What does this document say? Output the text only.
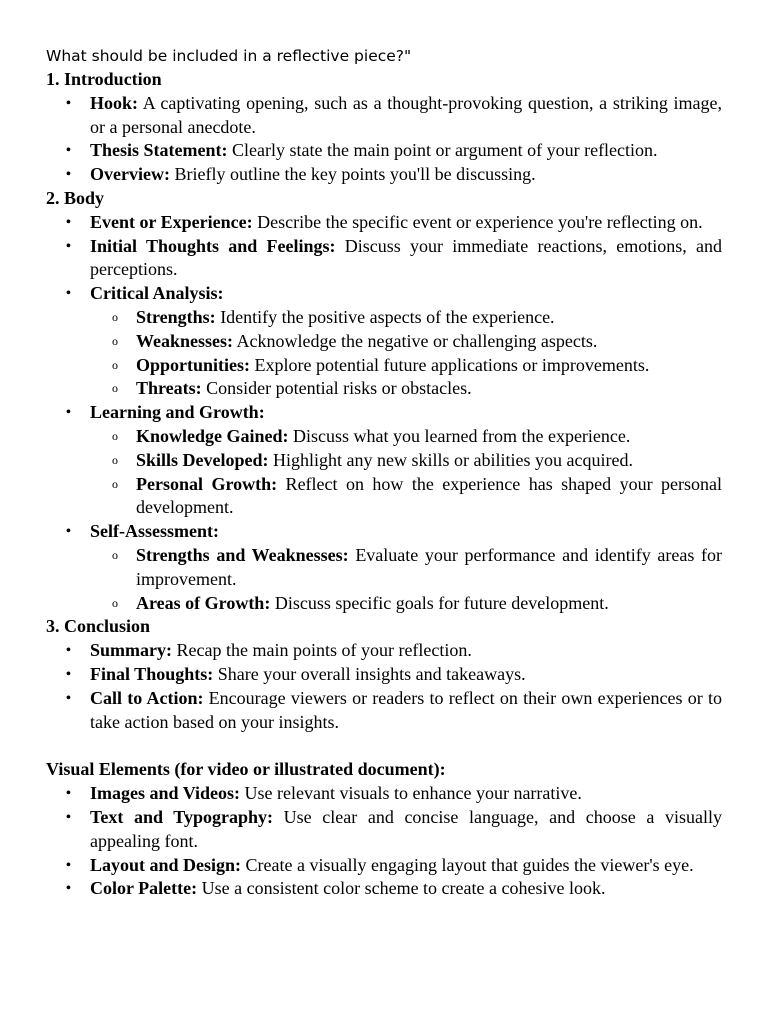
What should be included in a reflective piece?"
1. Introduction
• Hook: A captivating opening, such as a thought-provoking question, a striking image, or a personal anecdote.
• Thesis Statement: Clearly state the main point or argument of your reflection.
• Overview: Briefly outline the key points you'll be discussing.
2. Body
• Event or Experience: Describe the specific event or experience you're reflecting on.
• Initial Thoughts and Feelings: Discuss your immediate reactions, emotions, and perceptions.
• Critical Analysis:
o Strengths: Identify the positive aspects of the experience.
o Weaknesses: Acknowledge the negative or challenging aspects.
o Opportunities: Explore potential future applications or improvements.
o Threats: Consider potential risks or obstacles.
• Learning and Growth:
o Knowledge Gained: Discuss what you learned from the experience.
o Skills Developed: Highlight any new skills or abilities you acquired.
o Personal Growth: Reflect on how the experience has shaped your personal development.
• Self-Assessment:
o Strengths and Weaknesses: Evaluate your performance and identify areas for improvement.
o Areas of Growth: Discuss specific goals for future development.
3. Conclusion
• Summary: Recap the main points of your reflection.
• Final Thoughts: Share your overall insights and takeaways.
• Call to Action: Encourage viewers or readers to reflect on their own experiences or to take action based on your insights.
Visual Elements (for video or illustrated document):
• Images and Videos: Use relevant visuals to enhance your narrative.
• Text and Typography: Use clear and concise language, and choose a visually appealing font.
• Layout and Design: Create a visually engaging layout that guides the viewer's eye.
• Color Palette: Use a consistent color scheme to create a cohesive look.
